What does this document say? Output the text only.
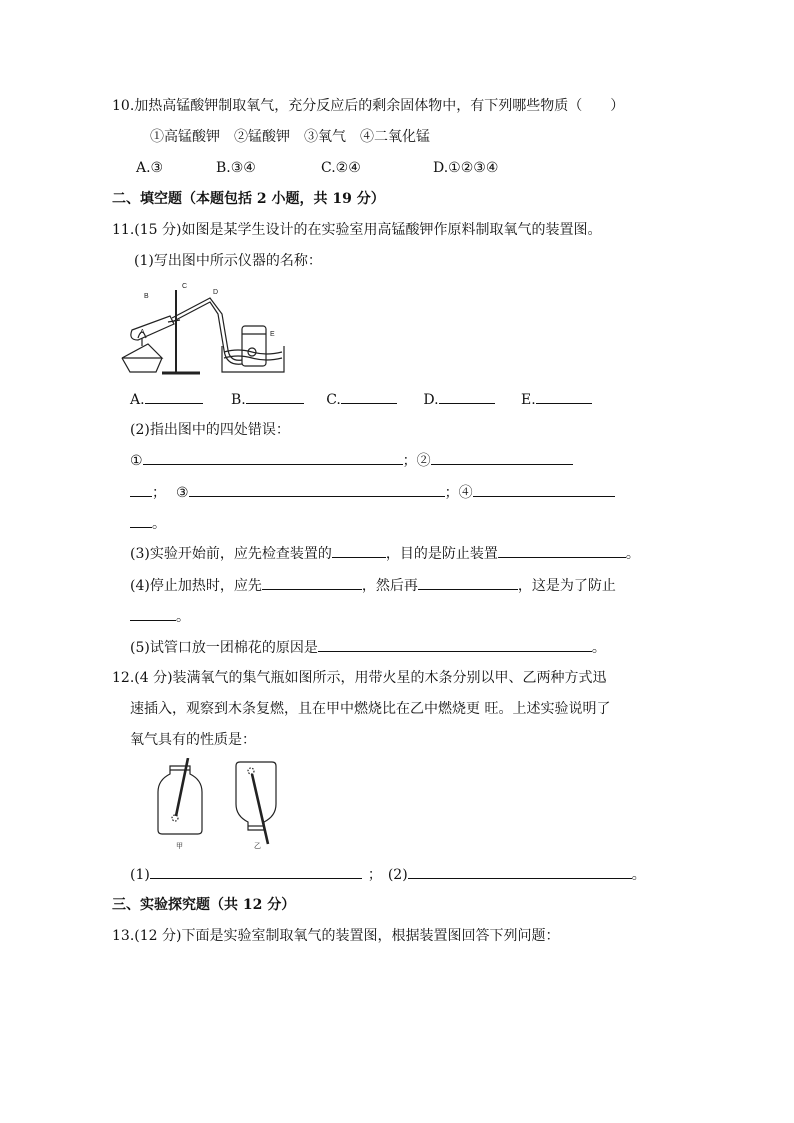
10.加热高锰酸钾制取氧气，充分反应后的剩余固体物中，有下列哪些物质（　　）
①高锰酸钾　②锰酸钾　③氧气　④二氧化锰
A.③	B.③④	C.②④	D.①②③④
二、填空题（本题包括 2 小题，共 19 分）
11.(15 分)如图是某学生设计的在实验室用高锰酸钾作原料制取氧气的装置图。
(1)写出图中所示仪器的名称：
A
B
C
D
E
A.	B.	C.	D.	E.
(2)指出图中的四处错误：
①	；②
； ③	；④
。
(3)实验开始前，应先检查装置的	，目的是防止装置	。
(4)停止加热时，应先	，然后再	，这是为了防止
。
(5)试管口放一团棉花的原因是	。
12.(4 分)装满氧气的集气瓶如图所示，用带火星的木条分别以甲、乙两种方式迅
速插入，观察到木条复燃，且在甲中燃烧比在乙中燃烧更 旺。上述实验说明了
氧气具有的性质是：
甲	乙
(1)	； (2)	。
三、实验探究题（共 12 分）
13.(12 分)下面是实验室制取氧气的装置图，根据装置图回答下列问题：
